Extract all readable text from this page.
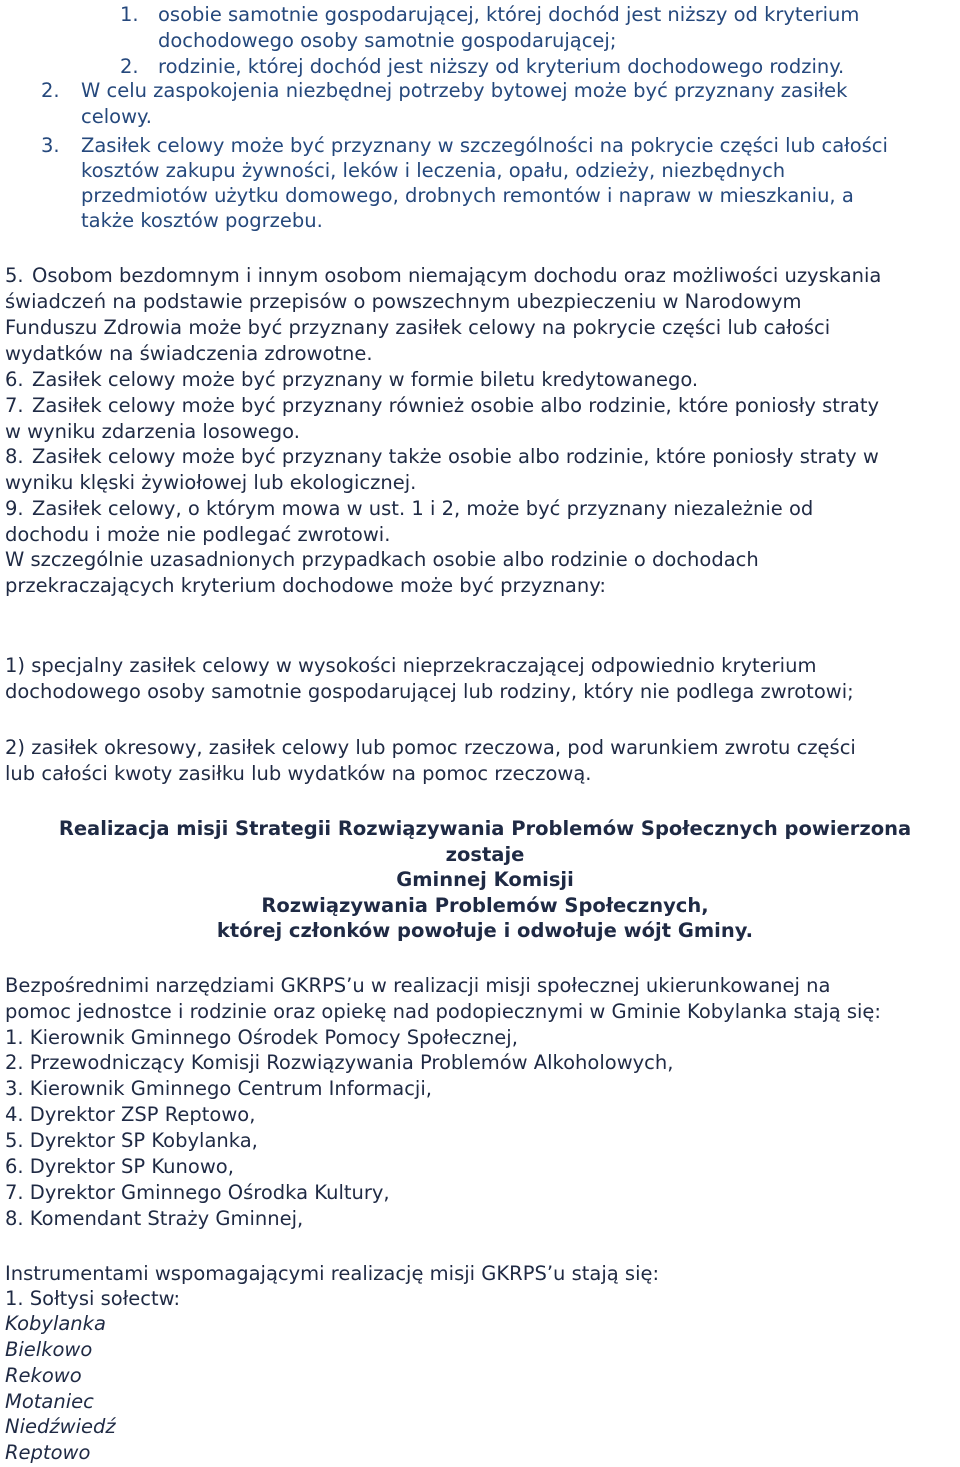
1. osobie samotnie gospodarującej, której dochód jest niższy od kryterium
dochodowego osoby samotnie gospodarującej;
2. rodzinie, której dochód jest niższy od kryterium dochodowego rodziny.
2. W celu zaspokojenia niezbędnej potrzeby bytowej może być przyznany zasiłek
celowy.
3. Zasiłek celowy może być przyznany w szczególności na pokrycie części lub całości
kosztów zakupu żywności, leków i leczenia, opału, odzieży, niezbędnych
przedmiotów użytku domowego, drobnych remontów i napraw w mieszkaniu, a
także kosztów pogrzebu.
5. Osobom bezdomnym i innym osobom niemającym dochodu oraz możliwości uzyskania
świadczeń na podstawie przepisów o powszechnym ubezpieczeniu w Narodowym
Funduszu Zdrowia może być przyznany zasiłek celowy na pokrycie części lub całości
wydatków na świadczenia zdrowotne.
6. Zasiłek celowy może być przyznany w formie biletu kredytowanego.
7. Zasiłek celowy może być przyznany również osobie albo rodzinie, które poniosły straty
w wyniku zdarzenia losowego.
8. Zasiłek celowy może być przyznany także osobie albo rodzinie, które poniosły straty w
wyniku klęski żywiołowej lub ekologicznej.
9. Zasiłek celowy, o którym mowa w ust. 1 i 2, może być przyznany niezależnie od
dochodu i może nie podlegać zwrotowi.
W szczególnie uzasadnionych przypadkach osobie albo rodzinie o dochodach
przekraczających kryterium dochodowe może być przyznany:
1) specjalny zasiłek celowy w wysokości nieprzekraczającej odpowiednio kryterium
dochodowego osoby samotnie gospodarującej lub rodziny, który nie podlega zwrotowi;
2) zasiłek okresowy, zasiłek celowy lub pomoc rzeczowa, pod warunkiem zwrotu części
lub całości kwoty zasiłku lub wydatków na pomoc rzeczową.
Realizacja misji Strategii Rozwiązywania Problemów Społecznych powierzona
zostaje
Gminnej Komisji
Rozwiązywania Problemów Społecznych,
której członków powołuje i odwołuje wójt Gminy.
Bezpośrednimi narzędziami GKRPS’u w realizacji misji społecznej ukierunkowanej na
pomoc jednostce i rodzinie oraz opiekę nad podopiecznymi w Gminie Kobylanka stają się:
1. Kierownik Gminnego Ośrodek Pomocy Społecznej,
2. Przewodniczący Komisji Rozwiązywania Problemów Alkoholowych,
3. Kierownik Gminnego Centrum Informacji,
4. Dyrektor ZSP Reptowo,
5. Dyrektor SP Kobylanka,
6. Dyrektor SP Kunowo,
7. Dyrektor Gminnego Ośrodka Kultury,
8. Komendant Straży Gminnej,
Instrumentami wspomagającymi realizację misji GKRPS’u stają się:
1. Sołtysi sołectw:
Kobylanka
Bielkowo
Rekowo
Motaniec
Niedźwiedź
Reptowo
